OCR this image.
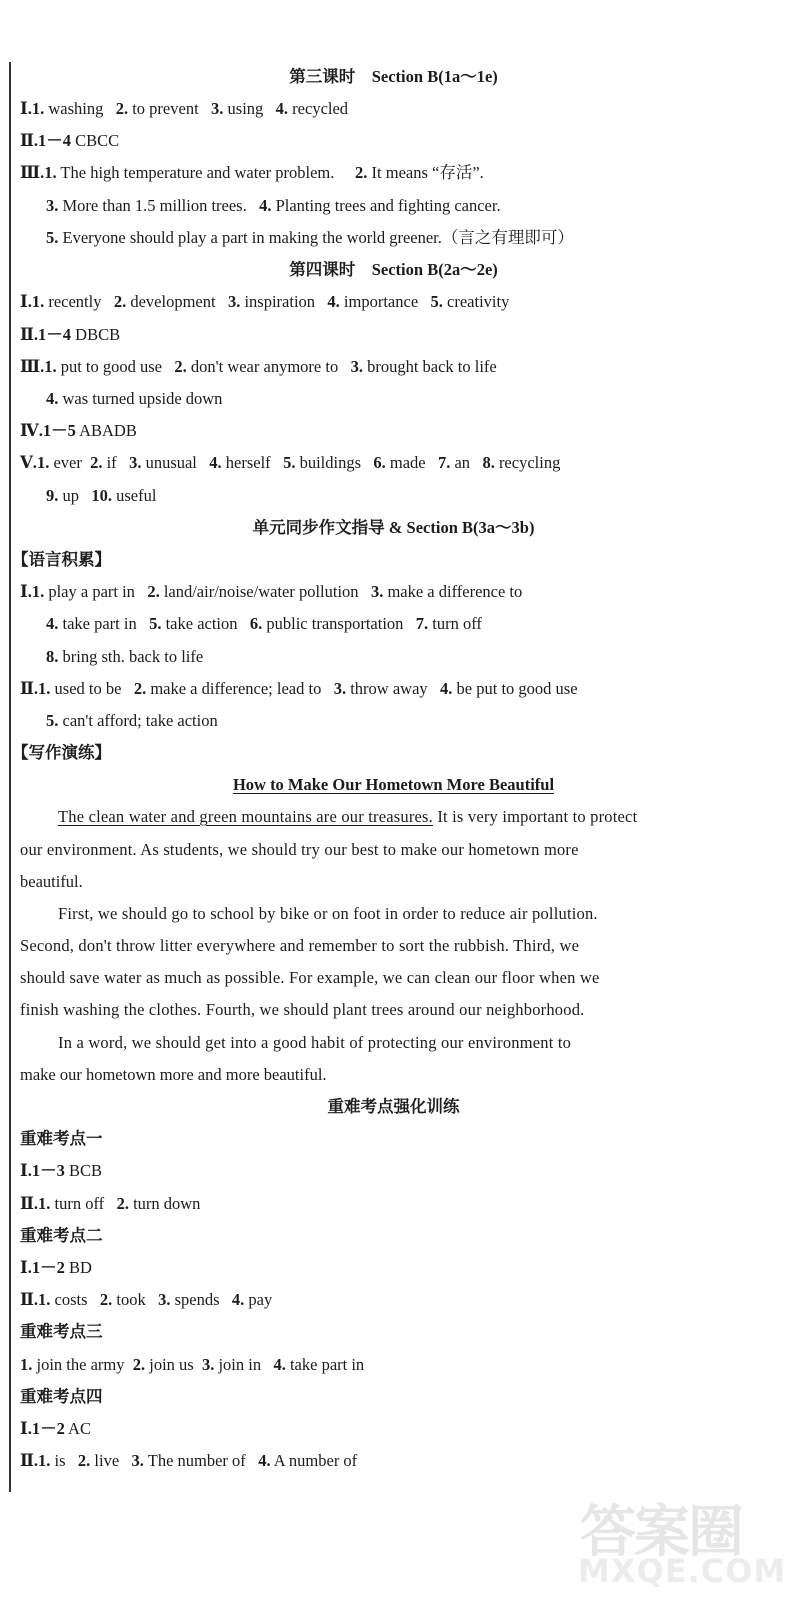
第三课时　Section B(1a～1e)
Ⅰ.1. washing 2. to prevent 3. using 4. recycled
Ⅱ.1－4 CBCC
Ⅲ.1. The high temperature and water problem. 2. It means “存活”.
3. More than 1.5 million trees. 4. Planting trees and fighting cancer.
5. Everyone should play a part in making the world greener.（言之有理即可）
第四课时　Section B(2a～2e)
Ⅰ.1. recently 2. development 3. inspiration 4. importance 5. creativity
Ⅱ.1－4 DBCB
Ⅲ.1. put to good use 2. don't wear anymore to 3. brought back to life
4. was turned upside down
Ⅳ.1－5 ABADB
Ⅴ.1. ever 2. if 3. unusual 4. herself 5. buildings 6. made 7. an 8. recycling
9. up 10. useful
单元同步作文指导 & Section B(3a～3b)
【语言积累】
Ⅰ.1. play a part in 2. land/air/noise/water pollution 3. make a difference to
4. take part in 5. take action 6. public transportation 7. turn off
8. bring sth. back to life
Ⅱ.1. used to be 2. make a difference; lead to 3. throw away 4. be put to good use
5. can't afford; take action
【写作演练】
How to Make Our Hometown More Beautiful
The clean water and green mountains are our treasures. It is very important to protect
our environment. As students, we should try our best to make our hometown more
beautiful.
First, we should go to school by bike or on foot in order to reduce air pollution.
Second, don't throw litter everywhere and remember to sort the rubbish. Third, we
should save water as much as possible. For example, we can clean our floor when we
finish washing the clothes. Fourth, we should plant trees around our neighborhood.
In a word, we should get into a good habit of protecting our environment to
make our hometown more and more beautiful.
重难考点强化训练
重难考点一
Ⅰ.1－3 BCB
Ⅱ.1. turn off 2. turn down
重难考点二
Ⅰ.1－2 BD
Ⅱ.1. costs 2. took 3. spends 4. pay
重难考点三
1. join the army 2. join us 3. join in 4. take part in
重难考点四
Ⅰ.1－2 AC
Ⅱ.1. is 2. live 3. The number of 4. A number of
答案圈
MXQE.COM
